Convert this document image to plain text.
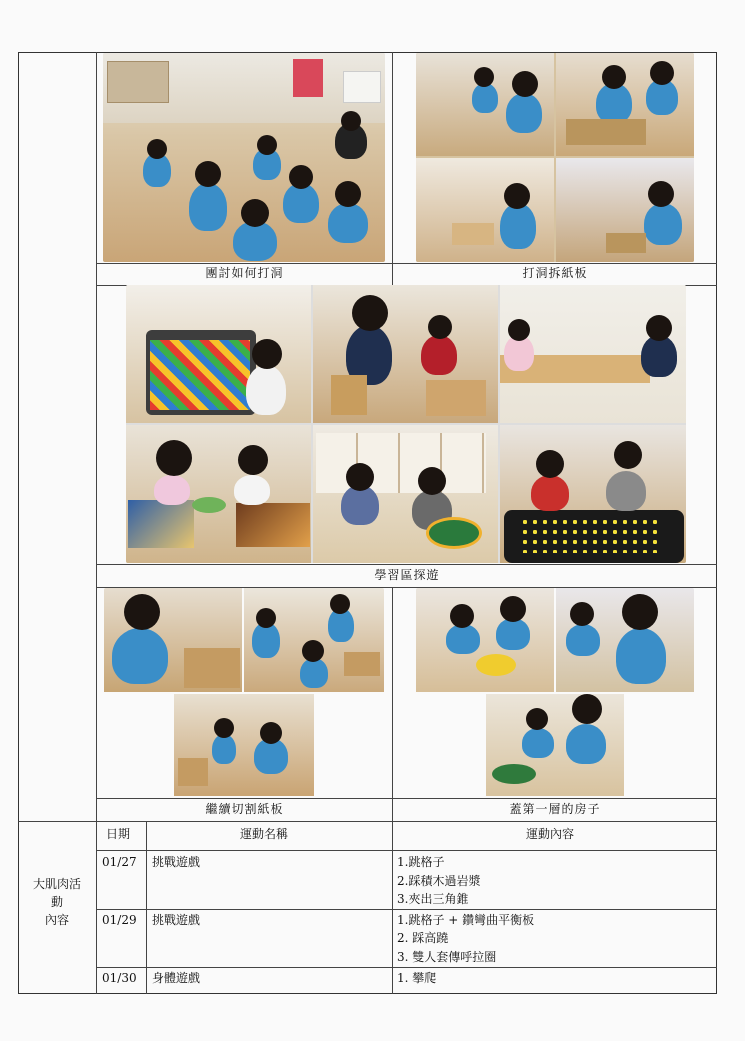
團討如何打洞	打洞拆紙板
學習區探遊
繼續切割紙板	蓋第一層的房子
大肌肉活
動
內容
日期	運動名稱	運動內容
01/27 挑戰遊戲	1.跳格子
2.踩積木過岩漿
3.夾出三角錐
01/29 挑戰遊戲	1.跳格子 + 鑽彎曲平衡板
2. 踩高蹺
3. 雙人套傳呼拉圈
01/30 身體遊戲	1. 攀爬
